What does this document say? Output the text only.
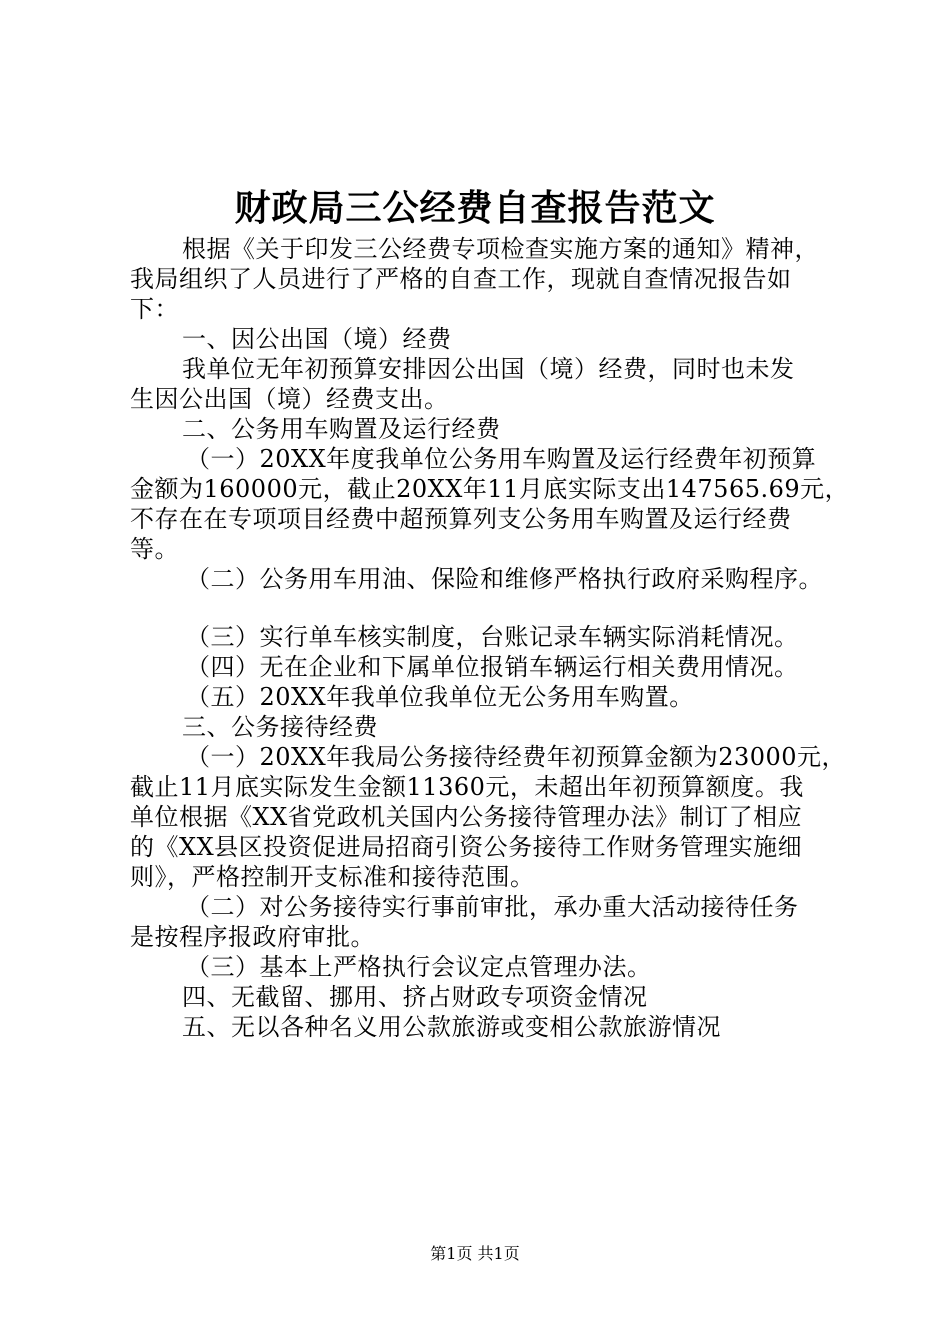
财政局三公经费自查报告范文
根据《关于印发三公经费专项检查实施方案的通知》精神，
我局组织了人员进行了严格的自查工作，现就自查情况报告如
下：
一、因公出国（境）经费
我单位无年初预算安排因公出国（境）经费，同时也未发
生因公出国（境）经费支出。
二、公务用车购置及运行经费
（一）20XX年度我单位公务用车购置及运行经费年初预算
金额为160000元，截止20XX年11月底实际支出147565.69元，
不存在在专项项目经费中超预算列支公务用车购置及运行经费
等。
（二）公务用车用油、保险和维修严格执行政府采购程序。
（三）实行单车核实制度，台账记录车辆实际消耗情况。
（四）无在企业和下属单位报销车辆运行相关费用情况。
（五）20XX年我单位我单位无公务用车购置。
三、公务接待经费
（一）20XX年我局公务接待经费年初预算金额为23000元，
截止11月底实际发生金额11360元，未超出年初预算额度。我
单位根据《XX省党政机关国内公务接待管理办法》制订了相应
的《XX县区投资促进局招商引资公务接待工作财务管理实施细
则》，严格控制开支标准和接待范围。
（二）对公务接待实行事前审批，承办重大活动接待任务
是按程序报政府审批。
（三）基本上严格执行会议定点管理办法。
四、无截留、挪用、挤占财政专项资金情况
五、无以各种名义用公款旅游或变相公款旅游情况
第1页 共1页
